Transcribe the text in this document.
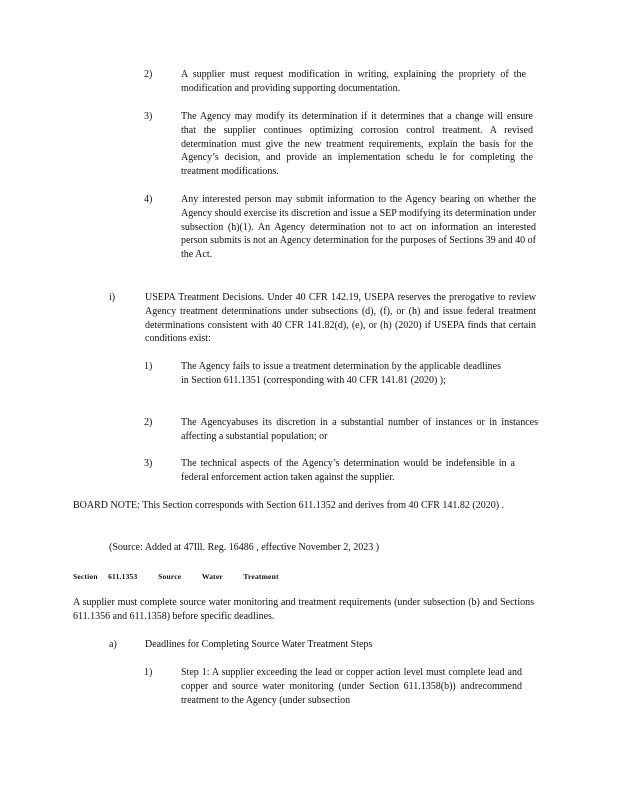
2)	A supplier must request modification in writing, explaining the propriety of the modification and providing supporting documentation.

3)	The Agency may modify its determination if it determines that a change will ensure that the supplier continues optimizing corrosion control treatment. A revised determination must give the new treatment requirements, explain the basis for the Agency’s decision, and provide an implementation schedu le for completing the treatment modifications.

4)	Any interested person may submit information to the Agency bearing on whether the Agency should exercise its discretion and issue a SEP modifying its determination under subsection (h)(1). An Agency determination not to act on information an interested person submits is not an Agency determination for the purposes of Sections 39 and 40 of the Act.

i)	USEPA Treatment Decisions. Under 40 CFR 142.19, USEPA reserves the prerogative to review Agency treatment determinations under subsections (d), (f), or (h) and issue federal treatment determinations consistent with 40 CFR 141.82(d), (e), or (h) (2020) if USEPA finds that certain conditions exist:

1)	The Agency fails to issue a treatment determination by the applicable deadlines in Section 611.1351 (corresponding with 40 CFR 141.81 (2020) );

2)	The Agencyabuses its discretion in a substantial number of instances or in instances affecting a substantial population; or

3)	The technical aspects of the Agency’s determination would be indefensible in a federal enforcement action taken against the supplier.

BOARD NOTE: This Section corresponds with Section 611.1352 and derives from 40 CFR 141.82 (2020) .

(Source: Added at 47Ill. Reg. 16486 , effective November 2, 2023 )

Section     611.1353          Source          Water          Treatment

A supplier must complete source water monitoring and treatment requirements (under subsection (b) and Sections 611.1356 and 611.1358) before specific deadlines.

a)	Deadlines for Completing Source Water Treatment Steps

1)	Step 1: A supplier exceeding the lead or copper action level must complete lead and copper and source water monitoring (under Section 611.1358(b)) andrecommend treatment to the Agency (under subsection
